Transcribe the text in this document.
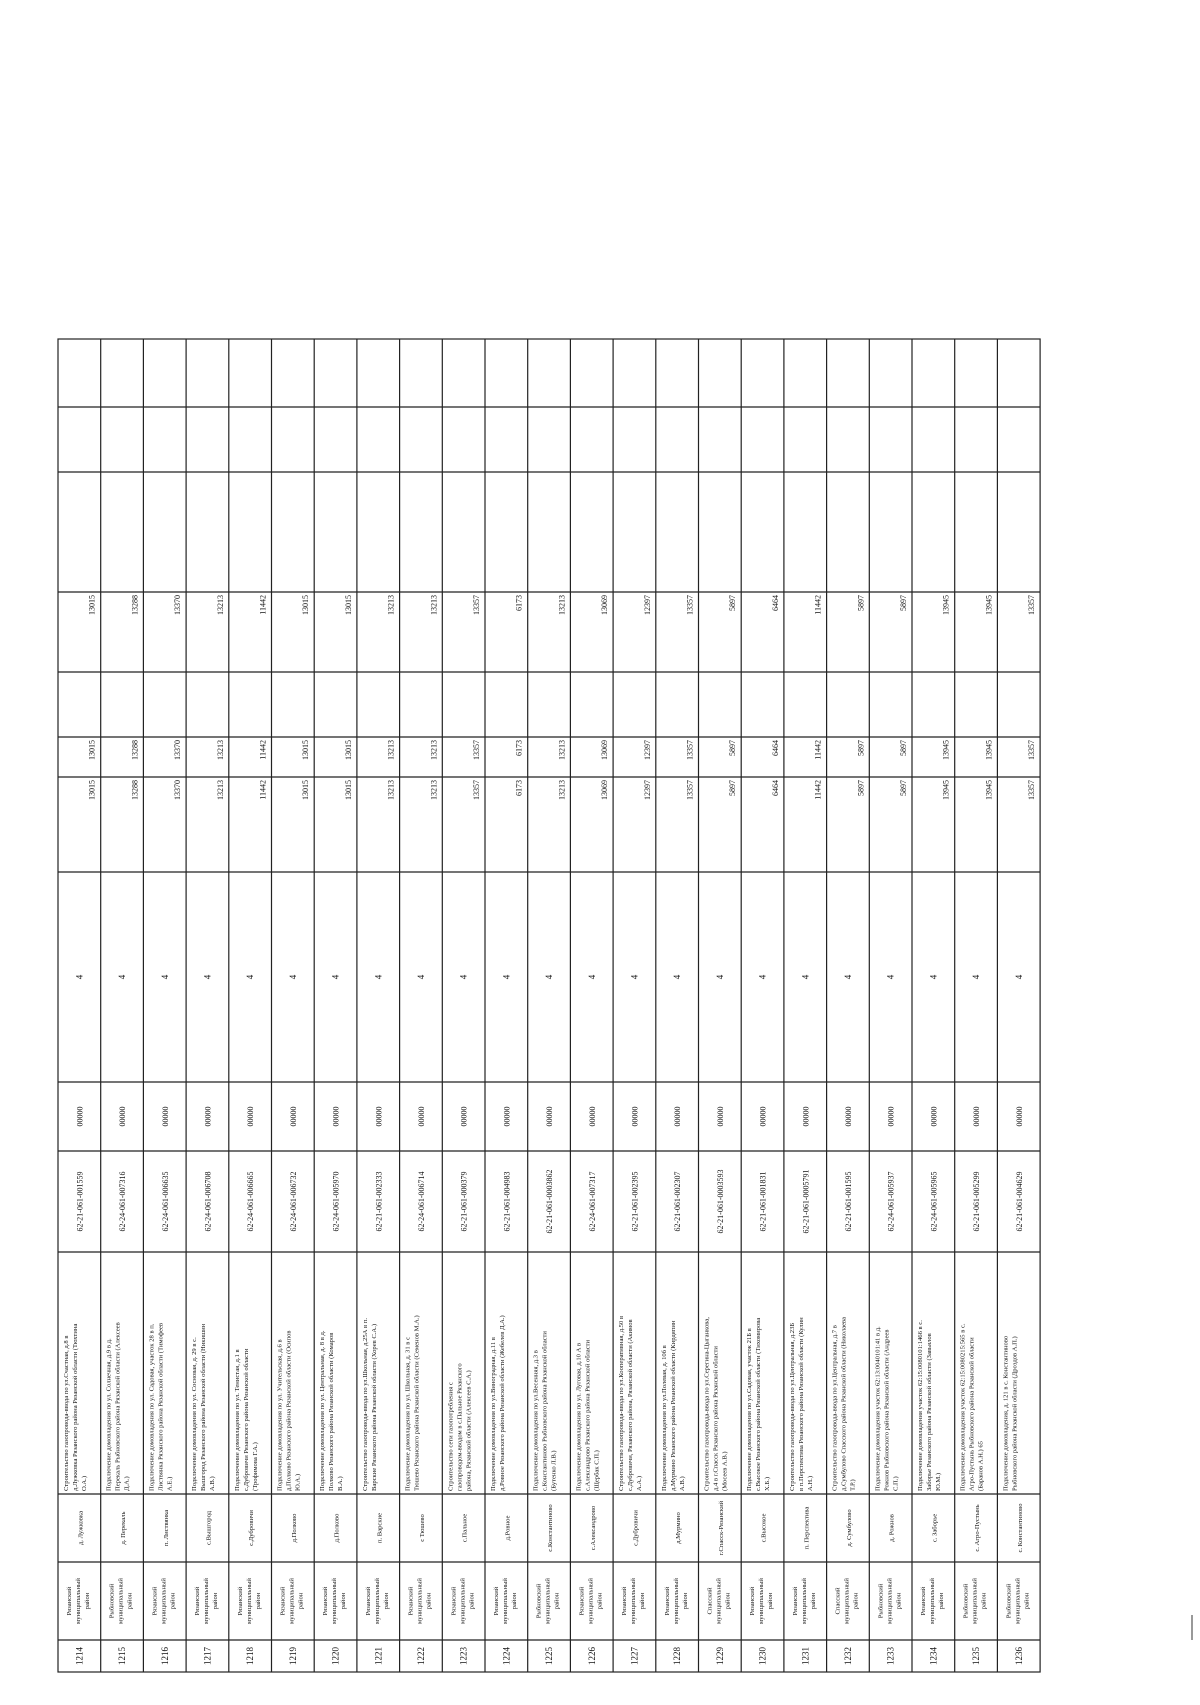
1214
Рязанский муниципальный район
д. Лужковка
Строительство газопровода-ввода по ул.Счастная, д.8 в д.Лужковка Рязанского района Рязанской области (Тюхтина О.А.)
62-21-061-001559
00000
4
13015
13015
13015
1215
Рыбновский муниципальный район
д. Перекаль
Подключение домовладения по ул. Солнечная, д.9 в д. Перекаль Рыбновского района Рязанской области (Алексеев Д.А.)
62-24-061-007316
00000
4
13288
13288
13288
1216
Рязанский муниципальный район
п. Листвянка
Подключение домовладения по ул. Садовая, участок 28 в п. Листвянка Рязанского района Рязанской области (Тимофеев А.Е.)
62-24-061-006635
00000
4
13370
13370
13370
1217
Рязанский муниципальный район
с.Вышгород
Подключение домовладения по ул. Сосновая, д. 29 в с. Вышгород Рязанского района Рязанской области (Никишин А.В.)
62-24-061-006708
00000
4
13213
13213
13213
1218
Рязанский муниципальный район
с.Дубровичи
Подключение домовладения по ул. Тенистая, д.1 в с.Дубровичи Рязанского района Рязанской области (Трофимова Г.А.)
62-24-061-006665
00000
4
11442
11442
11442
1219
Рязанский муниципальный район
д.Полково
Подключение домовладения по ул. Учительская, д.6 в д.Полково Рязанского района Рязанской области (Осипов Ю.А.)
62-24-061-006732
00000
4
13015
13015
13015
1220
Рязанский муниципальный район
д.Полково
Подключение домовладения по ул. Центральная, д. 8 в д. Полково Рязанского района Рязанской области (Комаров В.А.)
62-24-061-005970
00000
4
13015
13015
13015
1221
Рязанский муниципальный район
п. Варские
Строительство газопровода-ввода по ул.Школьная, д.25А в п. Варские Рязанского района Рязанской области (Хорев С.А.)
62-21-061-002333
00000
4
13213
13213
13213
1222
Рязанский муниципальный район
с Тюшево
Подключение домовладения по ул. Школьная, д. 31 в с Тюшево Рязанского района Рязанской области (Семенов М.А.)
62-24-061-006714
00000
4
13213
13213
13213
1223
Рязанский муниципальный район
с.Пальное
Строительство сети газопотребления с газопроводом-вводом в с.Пальное Рязанского района, Рязанской области (Алексеев С.А.)
62-21-061-000379
00000
4
13357
13357
13357
1224
Рязанский муниципальный район
д.Ровное
Подключение домовладения по ул.Виноградная, д.11 в д.Ровное Рязанского района Рязанской области (Жебелев Д.А.)
62-21-061-004983
00000
4
6173
6173
6173
1225
Рыбновский муниципальный район
с.Константиново
Подключение домовладения по ул.Весенняя, д.3 в с.Константиново Рыбновского района Рязанской области (Бутенко Л.В.)
62-21-061-0003862
00000
4
13213
13213
13213
1226
Рязанский муниципальный район
с.Александрово
Подключение домовладения по ул. Луговая, д.10 А в с.Александрово Рязанского района Рязанской области (Щербак С.П.)
62-24-061-007317
00000
4
13069
13069
13069
1227
Рязанский муниципальный район
с.Дубровичи
Строительство газопровода-ввода по ул.Кооперативная, д.50 в с.Дубровичи, Рязанского района, Рязанской области (Акимов А.А.)
62-21-061-002395
00000
4
12397
12397
12397
1228
Рязанский муниципальный район
д.Мурмино
Подключение домовладения по ул.Полевая, д. 10б в д.Мурмино Рязанского района Рязанской области (Кирдяпин А.В.)
62-21-061-002307
00000
4
13357
13357
13357
1229
Спасский муниципальный район
г.Спасск-Рязанский
Строительство газопровода-ввода по ул.Серегина-Цыганкова, д.4 в г.Спасск Рязанского района Рязанской области (Мосеев А.В.)
62-21-061-0003593
00000
4
5897
5897
5897
1230
Рязанский муниципальный район
с.Высокое
Подключение домовладения по ул.Садовая, участок 21Б в с.Высокое Рязанского района Рязанской области (Тихомирова Х.Б.)
62-21-061-001831
00000
4
6464
6464
6464
1231
Рязанский муниципальный район
п. Перспектива
Строительство газопровода-ввода по ул.Центральная, д.23Б в п.Перспектива Рязанского района Рязанской области (Кулин А.Н.)
62-21-061-0005791
00000
4
11442
11442
11442
1232
Спасский муниципальный район
д. Сумбулово
Строительство газопровода-ввода по ул.Центральная, д.7 в д.Сумбулово Спасского района Рязанской области (Николаева Т.Р.)
62-21-061-001595
00000
4
5897
5897
5897
1233
Рыбновский муниципальный район
д. Рожнов
Подключение домовладения участок 62:13:0040101:41 в д. Рожнов Рыбновского района Рязанской области (Андреев С.П.)
62-24-061-005937
00000
4
5897
5897
5897
1234
Рязанский муниципальный район
с. Заборье
Подключение домовладения участок 62:15:0080101:1466 в с. Заборье Рязанского района Рязанской области (Завьялов Ю.М.)
62-24-061-005965
00000
4
13945
13945
13945
1235
Рыбновский муниципальный район
с. Агро-Пустынь
Подключение домовладения участок 62:15:0080215:565 в с. Агро-Пустынь Рыбновского района Рязанской области (Баранов А.Н.) 65
62-21-061-005299
00000
4
13945
13945
13945
1236
Рыбновский муниципальный район
с. Константиново
Подключение домовладения, д. 121 в с. Константиново Рыбновского района Рязанской области (Дроздов А.П.)
62-21-061-004629
00000
4
13357
13357
13357
